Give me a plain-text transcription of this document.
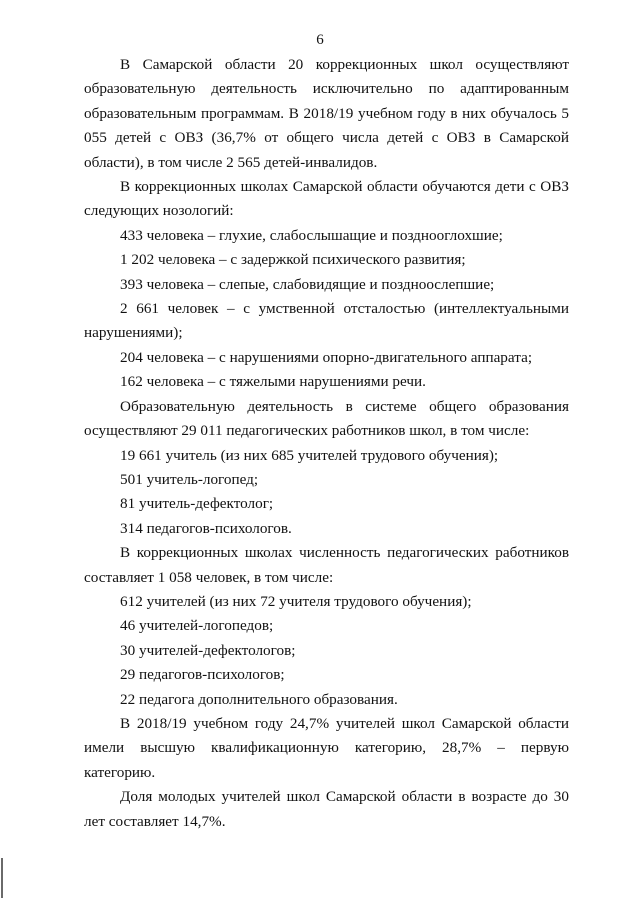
6

В Самарской области 20 коррекционных школ осуществляют образовательную деятельность исключительно по адаптированным образовательным программам. В 2018/19 учебном году в них обучалось 5 055 детей с ОВЗ (36,7% от общего числа детей с ОВЗ в Самарской области), в том числе 2 565 детей-инвалидов.

В коррекционных школах Самарской области обучаются дети с ОВЗ следующих нозологий:

433 человека – глухие, слабослышащие и позднооглохшие;

1 202 человека – с задержкой психического развития;

393 человека – слепые, слабовидящие и поздноослепшие;

2 661 человек – с умственной отсталостью (интеллектуальными нарушениями);

204 человека – с нарушениями опорно-двигательного аппарата;

162 человека – с тяжелыми нарушениями речи.

Образовательную деятельность в системе общего образования осуществляют 29 011 педагогических работников школ, в том числе:

19 661 учитель (из них 685 учителей трудового обучения);

501 учитель-логопед;

81 учитель-дефектолог;

314 педагогов-психологов.

В коррекционных школах численность педагогических работников составляет 1 058 человек, в том числе:

612 учителей (из них 72 учителя трудового обучения);

46 учителей-логопедов;

30 учителей-дефектологов;

29 педагогов-психологов;

22 педагога дополнительного образования.

В 2018/19 учебном году 24,7% учителей школ Самарской области имели высшую квалификационную категорию, 28,7% – первую категорию.

Доля молодых учителей школ Самарской области в возрасте до 30 лет составляет 14,7%.
